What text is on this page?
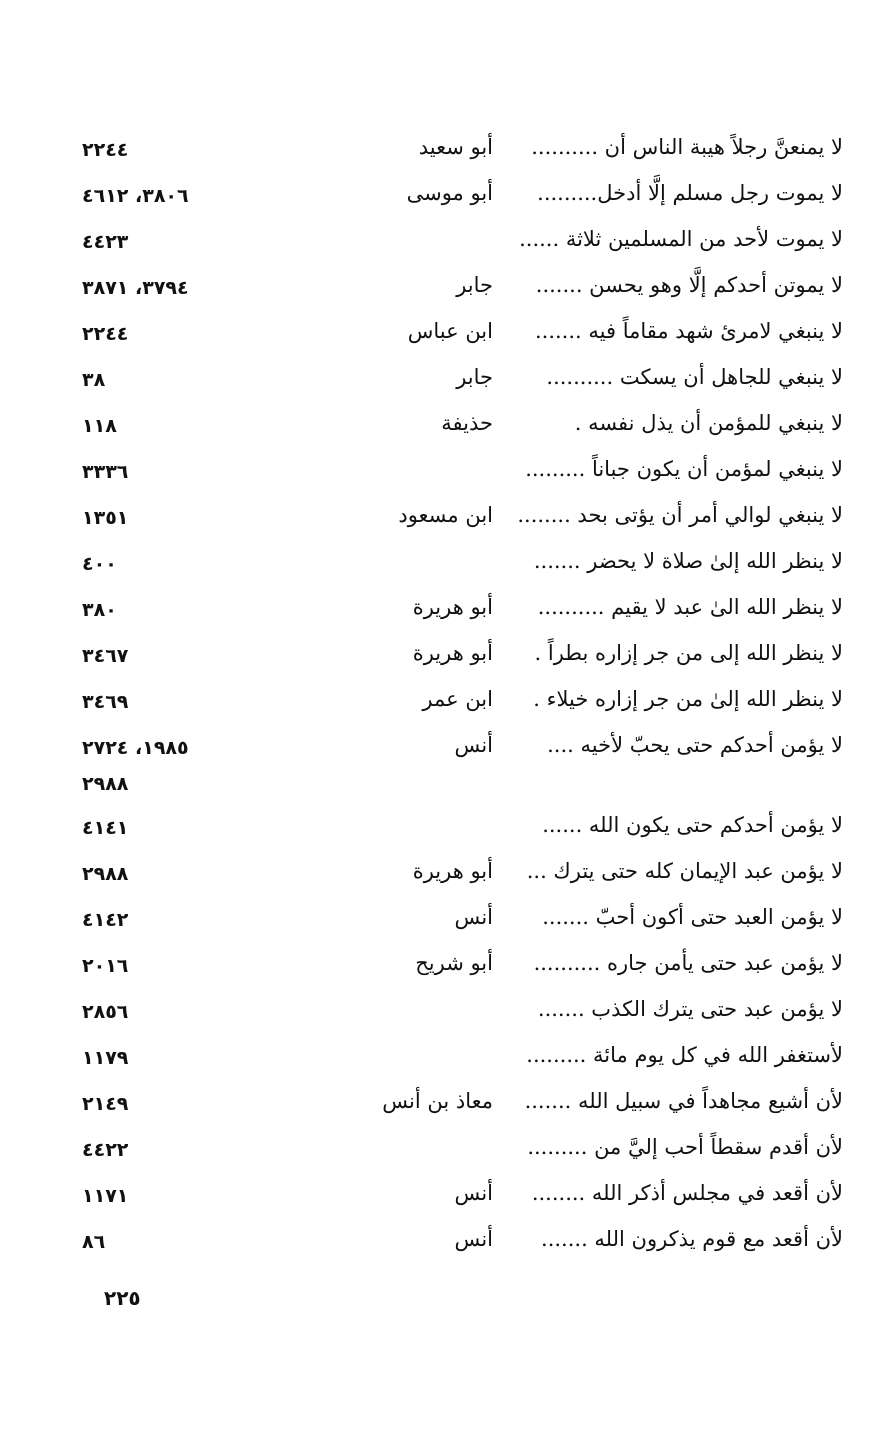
لا يمنعنَّ رجلاً هيبة الناس أن ..........
أبو سعيد
٢٢٤٤
لا يموت رجل مسلم إلَّا أدخل.........
أبو موسى
٣٨٠٦، ٤٦١٢
لا يموت لأحد من المسلمين ثلاثة ......
٤٤٢٣
لا يموتن أحدكم إلَّا وهو يحسن .......
جابر
٣٧٩٤، ٣٨٧١
لا ينبغي لامرئ شهد مقاماً فيه .......
ابن عباس
٢٢٤٤
لا ينبغي للجاهل أن يسكت ..........
جابر
٣٨
لا ينبغي للمؤمن أن يذل نفسه .
حذيفة
١١٨
لا ينبغي لمؤمن أن يكون جباناً .........
٣٣٣٦
لا ينبغي لوالي أمر أن يؤتى بحد ........
ابن مسعود
١٣٥١
لا ينظر الله إلىٰ صلاة لا يحضر .......
٤٠٠
لا ينظر الله الىٰ عبد لا يقيم ..........
أبو هريرة
٣٨٠
لا ينظر الله إلى من جر إزاره بطراً .
أبو هريرة
٣٤٦٧
لا ينظر الله إلىٰ من جر إزاره خيلاء .
ابن عمر
٣٤٦٩
لا يؤمن أحدكم حتى يحبّ لأخيه ....
أنس
١٩٨٥، ٢٧٢٤
٢٩٨٨
لا يؤمن أحدكم حتى يكون الله ......
٤١٤١
لا يؤمن عبد الإيمان كله حتى يترك ...
أبو هريرة
٢٩٨٨
لا يؤمن العبد حتى أكون أحبّ .......
أنس
٤١٤٢
لا يؤمن عبد حتى يأمن جاره ..........
أبو شريح
٢٠١٦
لا يؤمن عبد حتى يترك الكذب .......
٢٨٥٦
لأستغفر الله في كل يوم مائة .........
١١٧٩
لأن أشيع مجاهداً في سبيل الله .......
معاذ بن أنس
٢١٤٩
لأن أقدم سقطاً أحب إليَّ من .........
٤٤٢٢
لأن أقعد في مجلس أذكر الله ........
أنس
١١٧١
لأن أقعد مع قوم يذكرون الله .......
أنس
٨٦
٢٢٥
